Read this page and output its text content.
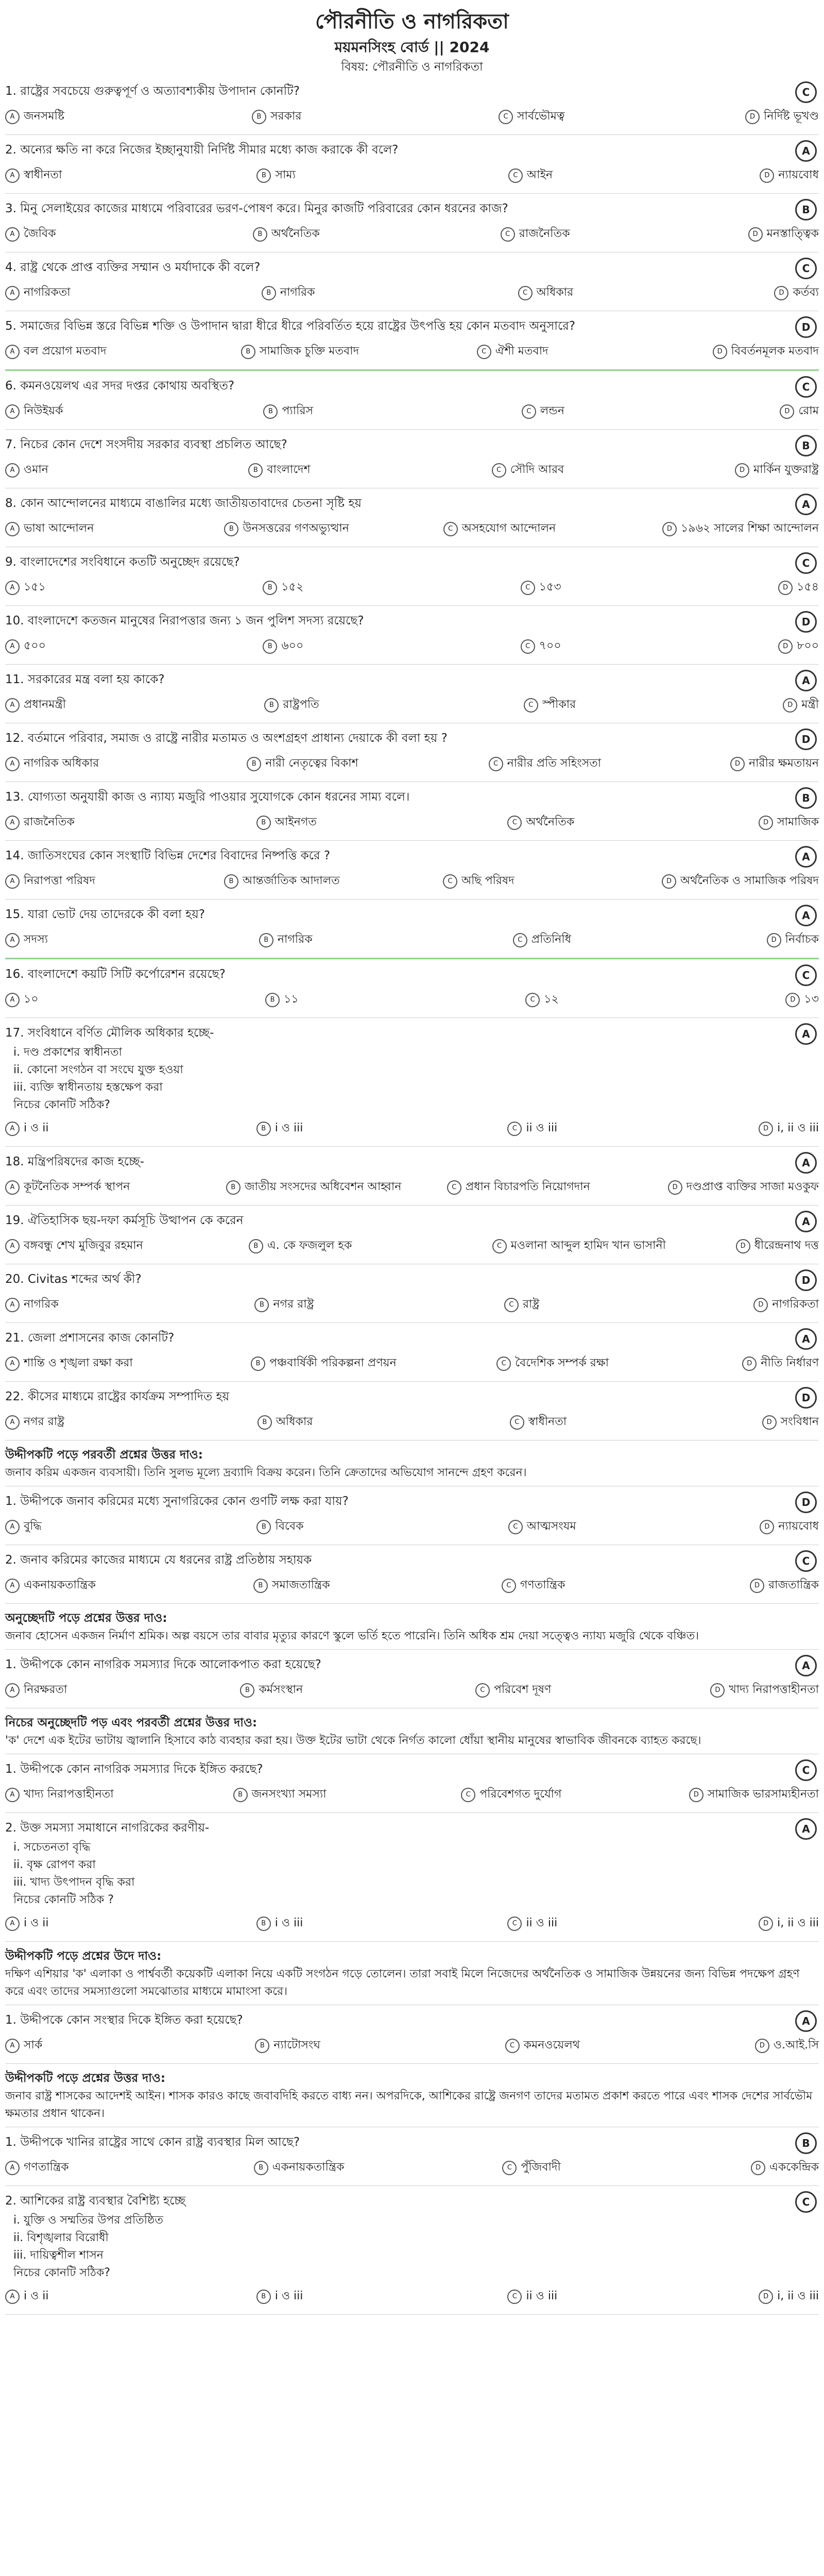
পৌরনীতি ও নাগরিকতা
ময়মনসিংহ বোর্ড || 2024
বিষয়: পৌরনীতি ও নাগরিকতা
1. রাষ্ট্রের সবচেয়ে গুরুত্বপূর্ণ ও অত্যাবশ্যকীয় উপাদান কোনটি?	C
A জনসমষ্টি	B সরকার	C সার্বভৌমত্ব	D নির্দিষ্ট ভূখণ্ড
2. অন্যের ক্ষতি না করে নিজের ইচ্ছানুযায়ী নির্দিষ্ট সীমার মধ্যে কাজ করাকে কী বলে?	A
A স্বাধীনতা	B সাম্য	C আইন	D ন্যায়বোধ
3. মিনু সেলাইয়ের কাজের মাধ্যমে পরিবারের ভরণ-পোষণ করে। মিনুর কাজটি পরিবারের কোন ধরনের কাজ?	B
A জৈবিক	B অর্থনৈতিক	C রাজনৈতিক	D মনস্তাত্ত্বিক
4. রাষ্ট্র থেকে প্রাপ্ত ব্যক্তির সম্মান ও মর্যাদাকে কী বলে?	C
A নাগরিকতা	B নাগরিক	C অধিকার	D কর্তব্য
5. সমাজের বিভিন্ন স্তরে বিভিন্ন শক্তি ও উপাদান দ্বারা ধীরে ধীরে পরিবর্তিত হয়ে রাষ্ট্রের উৎপত্তি হয় কোন মতবাদ অনুসারে?	D
A বল প্রয়োগ মতবাদ	B সামাজিক চুক্তি মতবাদ	C ঐশী মতবাদ	D বিবর্তনমূলক মতবাদ
6. কমনওয়েলথ এর সদর দপ্তর কোথায় অবস্থিত?	C
A নিউইয়র্ক	B প্যারিস	C লন্ডন	D রোম
7. নিচের কোন দেশে সংসদীয় সরকার ব্যবস্থা প্রচলিত আছে?	B
A ওমান	B বাংলাদেশ	C সৌদি আরব	D মার্কিন যুক্তরাষ্ট্র
8. কোন আন্দোলনের মাধ্যমে বাঙালির মধ্যে জাতীয়তাবাদের চেতনা সৃষ্টি হয়	A
A ভাষা আন্দোলন	B উনসত্তরের গণঅভ্যুত্থান	C অসহযোগ আন্দোলন	D ১৯৬২ সালের শিক্ষা আন্দোলন
9. বাংলাদেশের সংবিধানে কতটি অনুচ্ছেদ রয়েছে?	C
A ১৫১	B ১৫২	C ১৫৩	D ১৫৪
10. বাংলাদেশে কতজন মানুষের নিরাপত্তার জন্য ১ জন পুলিশ সদস্য রয়েছে?	D
A ৫০০	B ৬০০	C ৭০০	D ৮০০
11. সরকারের মন্ত্র বলা হয় কাকে?	A
A প্রধানমন্ত্রী	B রাষ্ট্রপতি	C স্পীকার	D মন্ত্রী
12. বর্তমানে পরিবার, সমাজ ও রাষ্ট্রে নারীর মতামত ও অংশগ্রহণ প্রাধান্য দেয়াকে কী বলা হয় ?	D
A নাগরিক অধিকার	B নারী নেতৃত্বের বিকাশ	C নারীর প্রতি সহিংসতা	D নারীর ক্ষমতায়ন
13. যোগ্যতা অনুযায়ী কাজ ও ন্যায্য মজুরি পাওয়ার সুযোগকে কোন ধরনের সাম্য বলে।	B
A রাজনৈতিক	B আইনগত	C অর্থনৈতিক	D সামাজিক
14. জাতিসংঘের কোন সংস্থাটি বিভিন্ন দেশের বিবাদের নিষ্পত্তি করে ?	A
A নিরাপত্তা পরিষদ	B আন্তর্জাতিক আদালত	C অছি পরিষদ	D অর্থনৈতিক ও সামাজিক পরিষদ
15. যারা ভোট দেয় তাদেরকে কী বলা হয়?	A
A সদস্য	B নাগরিক	C প্রতিনিধি	D নির্বাচক
16. বাংলাদেশে কয়টি সিটি কর্পোরেশন রয়েছে?	C
A ১০	B ১১	C ১২	D ১৩
17. সংবিধানে বর্ণিত মৌলিক অধিকার হচ্ছে-	A
i. দণ্ড প্রকাশের স্বাধীনতা
ii. কোনো সংগঠন বা সংঘে যুক্ত হওয়া
iii. ব্যক্তি স্বাধীনতায় হস্তক্ষেপ করা
নিচের কোনটি সঠিক?
A i ও ii	B i ও iii	C ii ও iii	D i, ii ও iii
18. মন্ত্রিপরিষদের কাজ হচ্ছে-	A
A কূটনৈতিক সম্পর্ক স্থাপন	B জাতীয় সংসদের অধিবেশন আহ্বান	C প্রধান বিচারপতি নিয়োগদান	D দণ্ডপ্রাপ্ত ব্যক্তির সাজা মওকুফ
19. ঐতিহাসিক ছয়-দফা কর্মসূচি উত্থাপন কে করেন	A
A বঙ্গবন্ধু শেখ মুজিবুর রহমান	B এ. কে ফজলুল হক	C মওলানা আব্দুল হামিদ খান ভাসানী	D ধীরেন্দ্রনাথ দত্ত
20. Civitas শব্দের অর্থ কী?	D
A নাগরিক	B নগর রাষ্ট্র	C রাষ্ট্র	D নাগরিকতা
21. জেলা প্রশাসনের কাজ কোনটি?	A
A শান্তি ও শৃঙ্খলা রক্ষা করা	B পঞ্চবার্ষিকী পরিকল্পনা প্রণয়ন	C বৈদেশিক সম্পর্ক রক্ষা	D নীতি নির্ধারণ
22. কীসের মাধ্যমে রাষ্ট্রের কার্যক্রম সম্পাদিত হয়	D
A নগর রাষ্ট্র	B অধিকার	C স্বাধীনতা	D সংবিধান
উদ্দীপকটি পড়ে পরবর্তী প্রশ্নের উত্তর দাও:
জনাব করিম একজন ব্যবসায়ী। তিনি সুলভ মূল্যে দ্রব্যাদি বিক্রয় করেন। তিনি ক্রেতাদের অভিযোগ সানন্দে গ্রহণ করেন।
1. উদ্দীপকে জনাব করিমের মধ্যে সুনাগরিকের কোন গুণটি লক্ষ করা যায়?	D
A বুদ্ধি	B বিবেক	C আত্মসংযম	D ন্যায়বোধ
2. জনাব করিমের কাজের মাধ্যমে যে ধরনের রাষ্ট্র প্রতিষ্ঠায় সহায়ক	C
A একনায়কতান্ত্রিক	B সমাজতান্ত্রিক	C গণতান্ত্রিক	D রাজতান্ত্রিক
অনুচ্ছেদটি পড়ে প্রশ্নের উত্তর দাও:
জনাব হোসেন একজন নির্মাণ শ্রমিক। অল্প বয়সে তার বাবার মৃত্যুর কারণে স্কুলে ভর্তি হতে পারেনি। তিনি অধিক শ্রম দেয়া সত্ত্বেও ন্যায্য মজুরি থেকে বঞ্চিত।
1. উদ্দীপকে কোন নাগরিক সমস্যার দিকে আলোকপাত করা হয়েছে?	A
A নিরক্ষরতা	B কর্মসংস্থান	C পরিবেশ দূষণ	D খাদ্য নিরাপত্তাহীনতা
নিচের অনুচ্ছেদটি পড় এবং পরবর্তী প্রশ্নের উত্তর দাও:
'ক' দেশে এক ইটের ভাটায় জ্বালানি হিসাবে কাঠ ব্যবহার করা হয়। উক্ত ইটের ভাটা থেকে নির্গত কালো ধোঁয়া স্থানীয় মানুষের স্বাভাবিক জীবনকে ব্যাহত করছে।
1. উদ্দীপকে কোন নাগরিক সমস্যার দিকে ইঙ্গিত করছে?	C
A খাদ্য নিরাপত্তাহীনতা	B জনসংখ্যা সমস্যা	C পরিবেশগত দুর্যোগ	D সামাজিক ভারসাম্যহীনতা
2. উক্ত সমস্যা সমাধানে নাগরিকের করণীয়-	A
i. সচেতনতা বৃদ্ধি
ii. বৃক্ষ রোপণ করা
iii. খাদ্য উৎপাদন বৃদ্ধি করা
নিচের কোনটি সঠিক ?
A i ও ii	B i ও iii	C ii ও iii	D i, ii ও iii
উদ্দীপকটি পড়ে প্রশ্নের উদে দাও:
দক্ষিণ এশিয়ার 'ক' এলাকা ও পার্শ্ববর্তী কয়েকটি এলাকা নিয়ে একটি সংগঠন গড়ে তোলেন। তারা সবাই মিলে নিজেদের অর্থনৈতিক ও সামাজিক উন্নয়নের জন্য বিভিন্ন পদক্ষেপ গ্রহণ করে এবং তাদের সমস্যাগুলো সমঝোতার মাধ্যমে মামাংসা করে।
1. উদ্দীপকে কোন সংস্থার দিকে ইঙ্গিত করা হয়েছে?	A
A সার্ক	B ন্যাটোসংঘ	C কমনওয়েলথ	D ও.আই.সি
উদ্দীপকটি পড়ে প্রশ্নের উত্তর দাও:
জনাব রাষ্ট্র শাসকের আদেশই আইন। শাসক কারও কাছে জবাবদিহি করতে বাধ্য নন। অপরদিকে, আশিকের রাষ্ট্রে জনগণ তাদের মতামত প্রকাশ করতে পারে এবং শাসক দেশের সার্বভৌম ক্ষমতার প্রধান থাকেন।
1. উদ্দীপকে খানির রাষ্ট্রের সাথে কোন রাষ্ট্র ব্যবস্থার মিল আছে?	B
A গণতান্ত্রিক	B একনায়কতান্ত্রিক	C পুঁজিবাদী	D এককেন্দ্রিক
2. আশিকের রাষ্ট্র ব্যবস্থার বৈশিষ্ট্য হচ্ছে	C
i. যুক্তি ও সম্মতির উপর প্রতিষ্ঠিত
ii. বিশৃঙ্খলার বিরোধী
iii. দায়িত্বশীল শাসন
নিচের কোনটি সঠিক?
A i ও ii	B i ও iii	C ii ও iii	D i, ii ও iii
